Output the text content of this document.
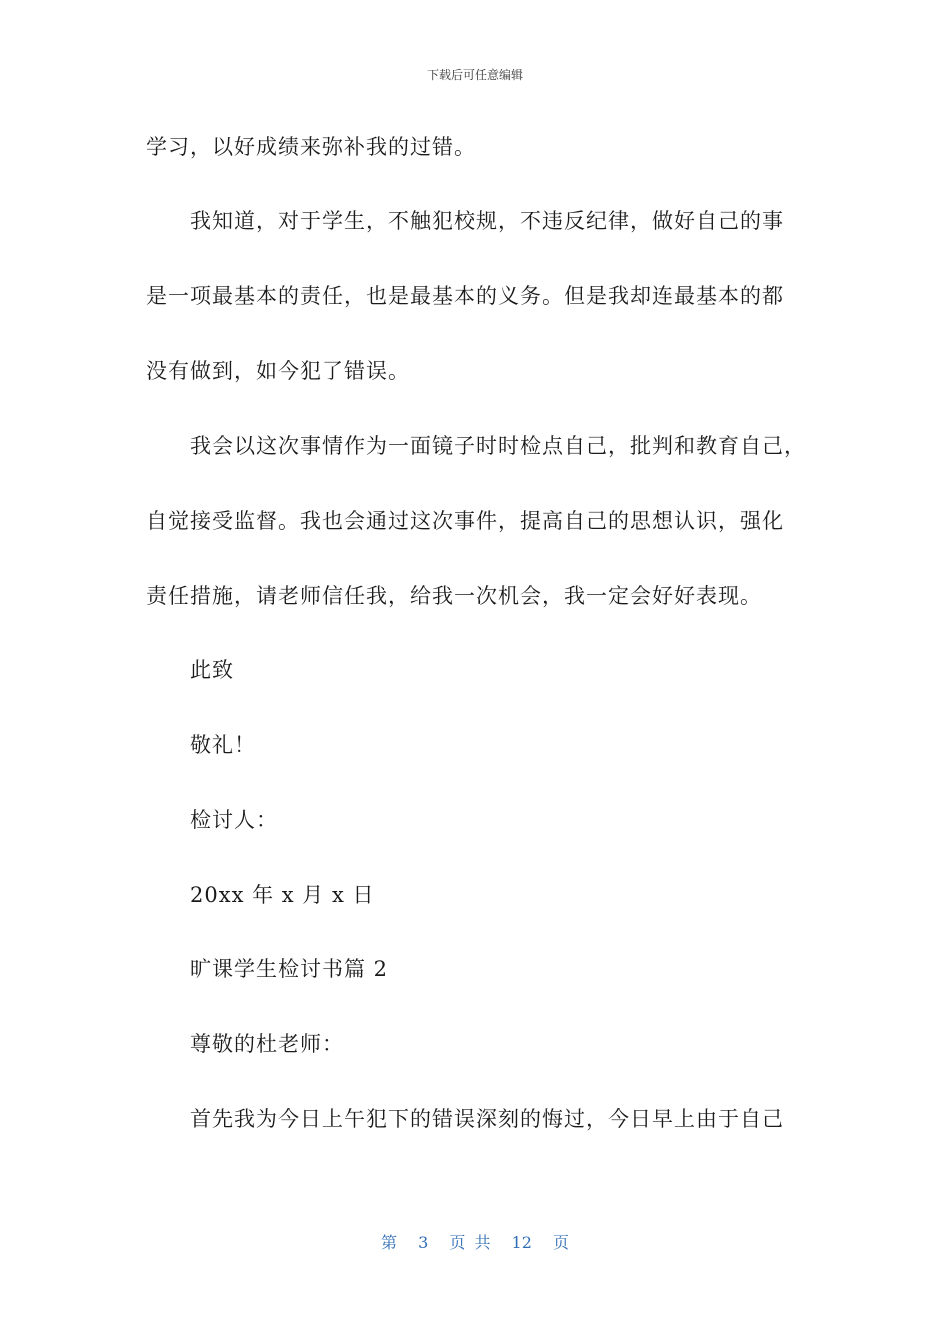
下载后可任意编辑
学习，以好成绩来弥补我的过错。
我知道，对于学生，不触犯校规，不违反纪律，做好自己的事
是一项最基本的责任，也是最基本的义务。但是我却连最基本的都
没有做到，如今犯了错误。
我会以这次事情作为一面镜子时时检点自己，批判和教育自己，
自觉接受监督。我也会通过这次事件，提高自己的思想认识，强化
责任措施，请老师信任我，给我一次机会，我一定会好好表现。
此致
敬礼！
检讨人：
20xx 年 x 月 x 日
旷课学生检讨书篇 2
尊敬的杜老师：
首先我为今日上午犯下的错误深刻的悔过，今日早上由于自己
第 3 页 共 12 页
